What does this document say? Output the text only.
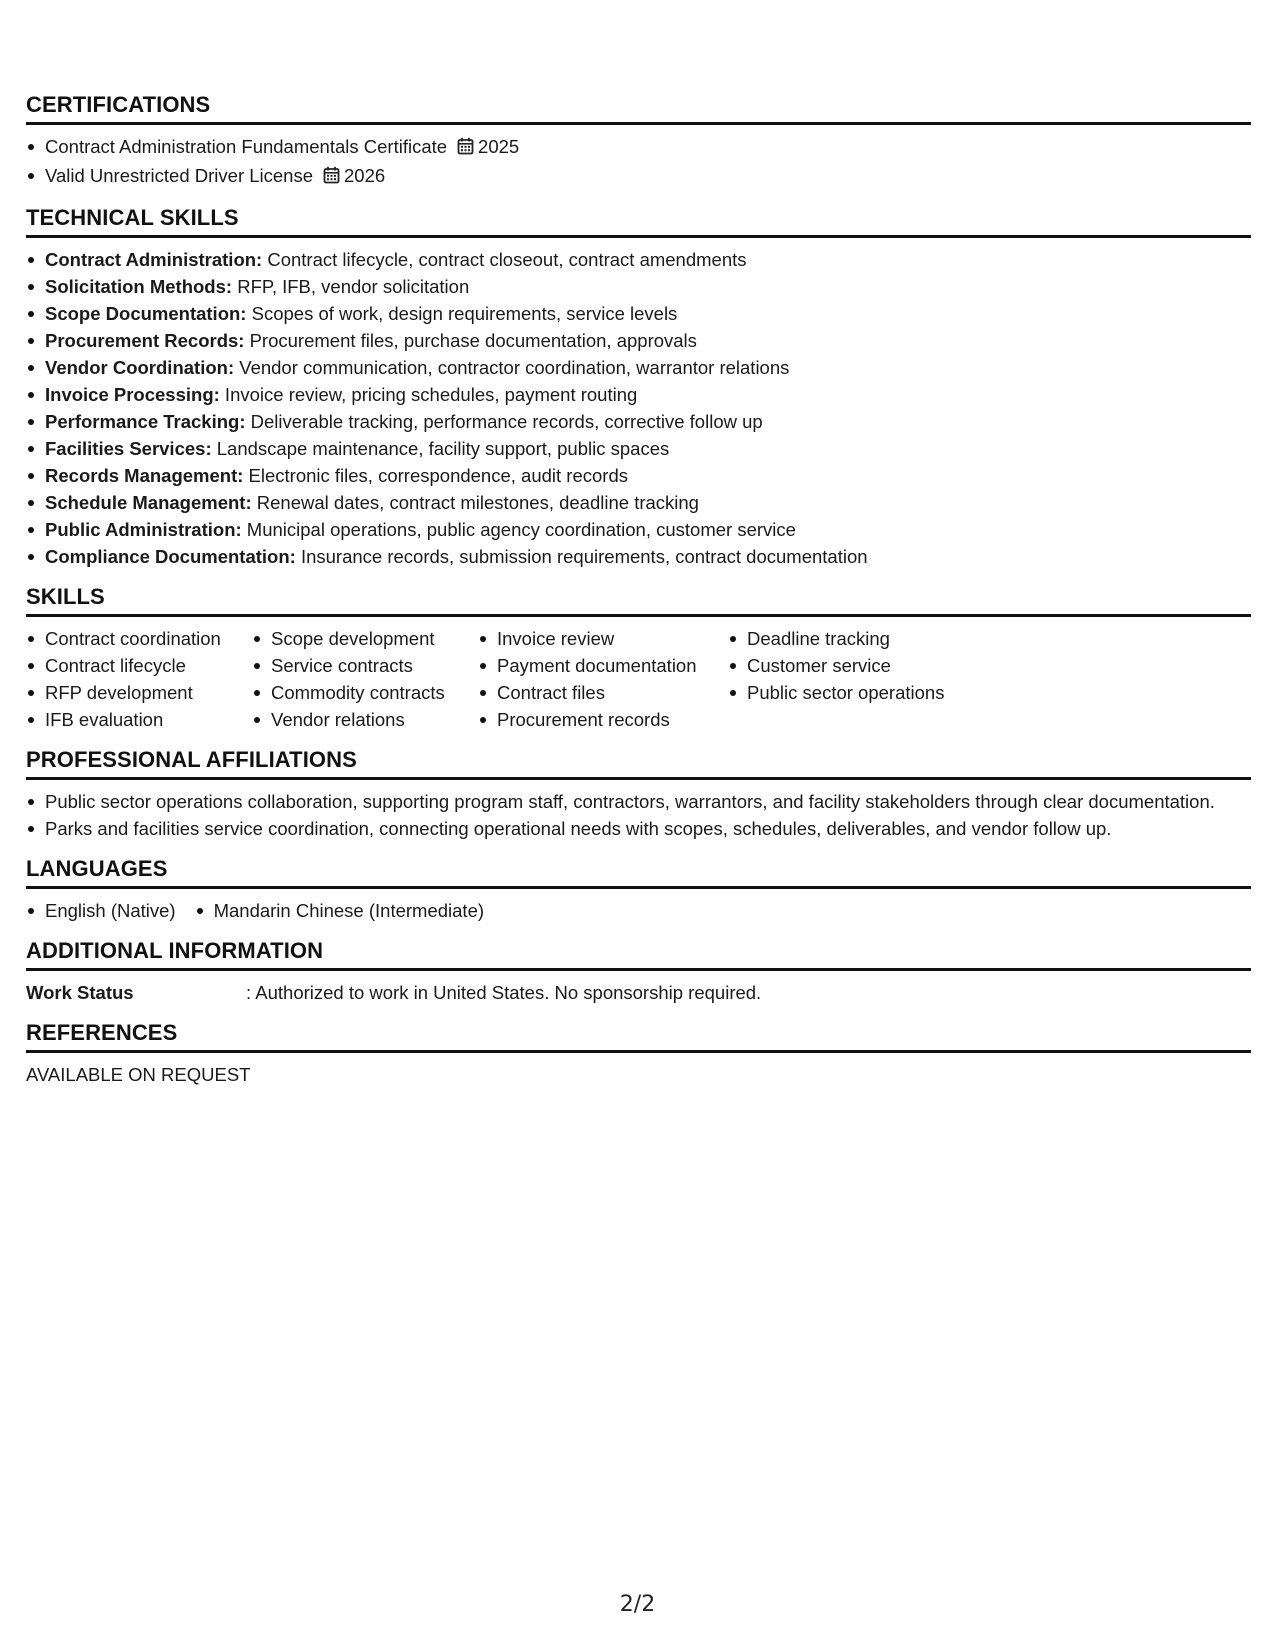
CERTIFICATIONS
Contract Administration Fundamentals Certificate 2025
Valid Unrestricted Driver License 2026
TECHNICAL SKILLS
Contract Administration: Contract lifecycle, contract closeout, contract amendments
Solicitation Methods: RFP, IFB, vendor solicitation
Scope Documentation: Scopes of work, design requirements, service levels
Procurement Records: Procurement files, purchase documentation, approvals
Vendor Coordination: Vendor communication, contractor coordination, warrantor relations
Invoice Processing: Invoice review, pricing schedules, payment routing
Performance Tracking: Deliverable tracking, performance records, corrective follow up
Facilities Services: Landscape maintenance, facility support, public spaces
Records Management: Electronic files, correspondence, audit records
Schedule Management: Renewal dates, contract milestones, deadline tracking
Public Administration: Municipal operations, public agency coordination, customer service
Compliance Documentation: Insurance records, submission requirements, contract documentation
SKILLS
Contract coordination
Contract lifecycle
RFP development
IFB evaluation
Scope development
Service contracts
Commodity contracts
Vendor relations
Invoice review
Payment documentation
Contract files
Procurement records
Deadline tracking
Customer service
Public sector operations
PROFESSIONAL AFFILIATIONS
Public sector operations collaboration, supporting program staff, contractors, warrantors, and facility stakeholders through clear documentation.
Parks and facilities service coordination, connecting operational needs with scopes, schedules, deliverables, and vendor follow up.
LANGUAGES
English (Native) Mandarin Chinese (Intermediate)
ADDITIONAL INFORMATION
Work Status	: Authorized to work in United States. No sponsorship required.
REFERENCES
AVAILABLE ON REQUEST
2/2
